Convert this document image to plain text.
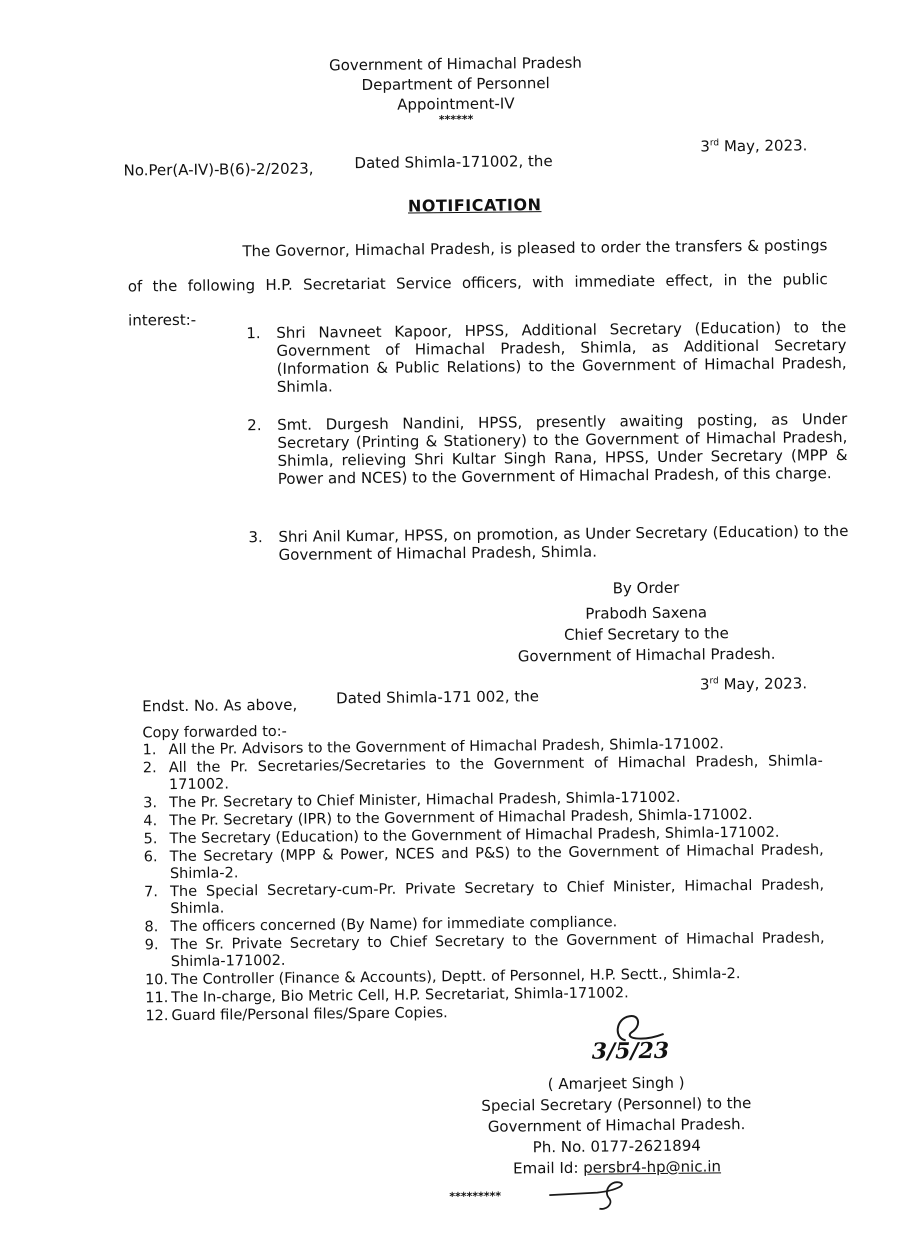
Government of Himachal Pradesh
Department of Personnel
Appointment-IV
******
No.Per(A-IV)-B(6)-2/2023,	Dated Shimla-171002, the
3rd May, 2023.
NOTIFICATION
The Governor, Himachal Pradesh, is pleased to order the transfers & postings of the following H.P. Secretariat Service officers, with immediate effect, in the public interest:-
1. Shri Navneet Kapoor, HPSS, Additional Secretary (Education) to the Government of Himachal Pradesh, Shimla, as Additional Secretary (Information & Public Relations) to the Government of Himachal Pradesh, Shimla.
2. Smt. Durgesh Nandini, HPSS, presently awaiting posting, as Under Secretary (Printing & Stationery) to the Government of Himachal Pradesh, Shimla, relieving Shri Kultar Singh Rana, HPSS, Under Secretary (MPP & Power and NCES) to the Government of Himachal Pradesh, of this charge.
3. Shri Anil Kumar, HPSS, on promotion, as Under Secretary (Education) to the Government of Himachal Pradesh, Shimla.
By Order
Prabodh Saxena
Chief Secretary to the
Government of Himachal Pradesh.
Endst. No. As above,	Dated Shimla-171 002, the
3rd May, 2023.
Copy forwarded to:-
1. All the Pr. Advisors to the Government of Himachal Pradesh, Shimla-171002.
2. All the Pr. Secretaries/Secretaries to the Government of Himachal Pradesh, Shimla-171002.
3. The Pr. Secretary to Chief Minister, Himachal Pradesh, Shimla-171002.
4. The Pr. Secretary (IPR) to the Government of Himachal Pradesh, Shimla-171002.
5. The Secretary (Education) to the Government of Himachal Pradesh, Shimla-171002.
6. The Secretary (MPP & Power, NCES and P&S) to the Government of Himachal Pradesh, Shimla-2.
7. The Special Secretary-cum-Pr. Private Secretary to Chief Minister, Himachal Pradesh, Shimla.
8. The officers concerned (By Name) for immediate compliance.
9. The Sr. Private Secretary to Chief Secretary to the Government of Himachal Pradesh, Shimla-171002.
10. The Controller (Finance & Accounts), Deptt. of Personnel, H.P. Sectt., Shimla-2.
11. The In-charge, Bio Metric Cell, H.P. Secretariat, Shimla-171002.
12. Guard file/Personal files/Spare Copies.
3/5/23
( Amarjeet Singh )
Special Secretary (Personnel) to the
Government of Himachal Pradesh.
Ph. No. 0177-2621894
Email Id: persbr4-hp@nic.in
*********
